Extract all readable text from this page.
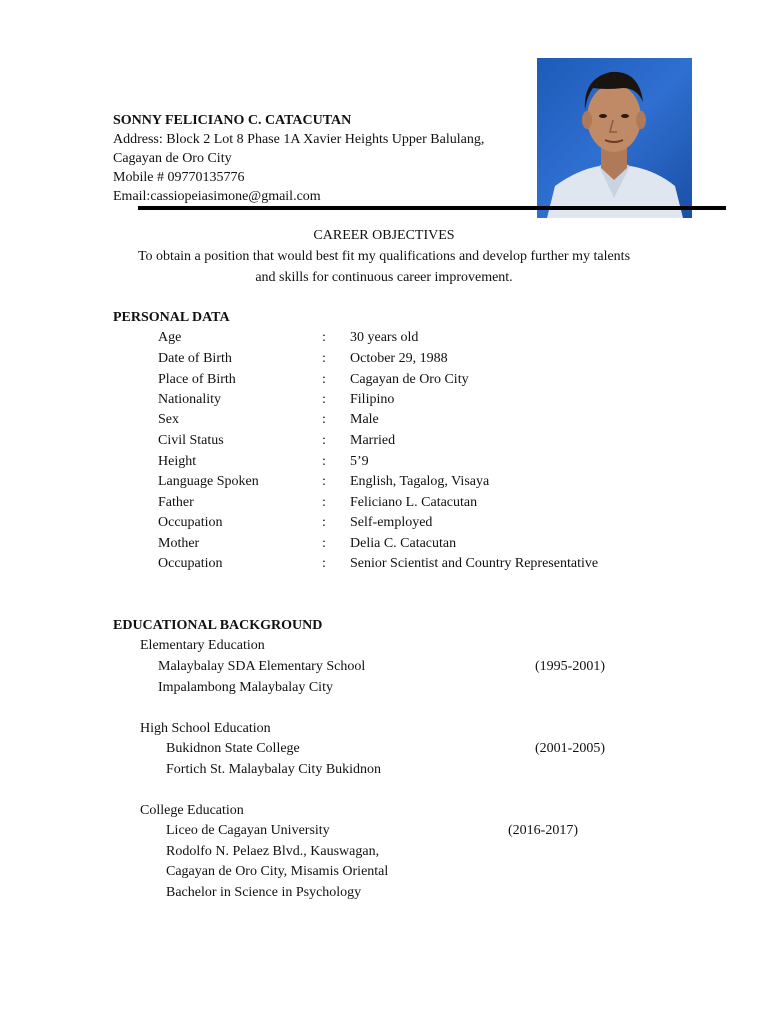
SONNY FELICIANO C. CATACUTAN
Address: Block 2 Lot 8 Phase 1A Xavier Heights Upper Balulang,
Cagayan de Oro City
Mobile # 09770135776
Email:cassiopeiasimone@gmail.com
CAREER OBJECTIVES
To obtain a position that would best fit my qualifications and develop further my talents
and skills for continuous career improvement.
PERSONAL DATA
Age	: 30 years old
Date of Birth	: October 29, 1988
Place of Birth	: Cagayan de Oro City
Nationality	: Filipino
Sex	: Male
Civil Status	: Married
Height	: 5’9
Language Spoken	: English, Tagalog, Visaya
Father	: Feliciano L. Catacutan
Occupation	: Self-employed
Mother	: Delia C. Catacutan
Occupation	: Senior Scientist and Country Representative
EDUCATIONAL BACKGROUND
Elementary Education
Malaybalay SDA Elementary School	(1995-2001)
Impalambong Malaybalay City
High School Education
Bukidnon State College	(2001-2005)
Fortich St. Malaybalay City Bukidnon
College Education
Liceo de Cagayan University	(2016-2017)
Rodolfo N. Pelaez Blvd., Kauswagan,
Cagayan de Oro City, Misamis Oriental
Bachelor in Science in Psychology
